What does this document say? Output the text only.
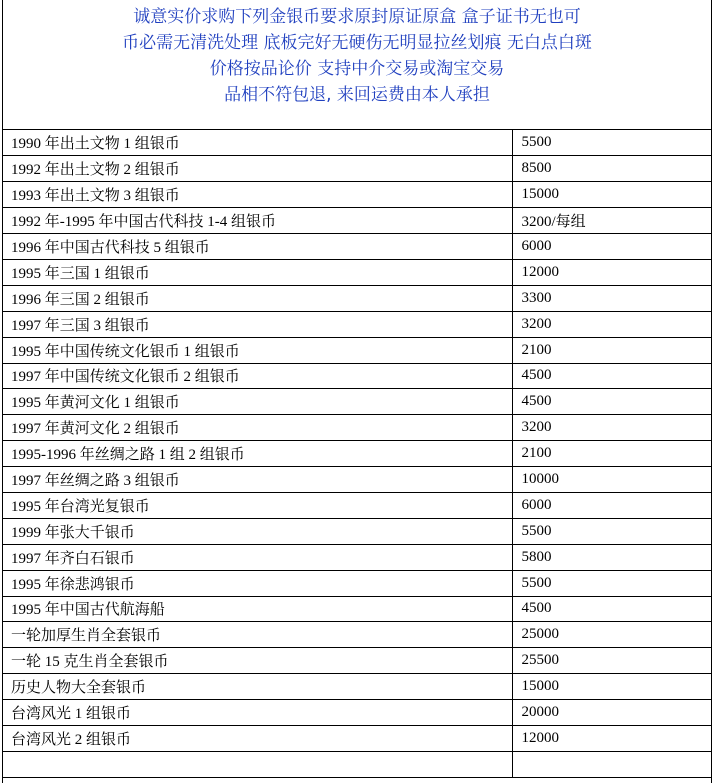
诚意实价求购下列金银币要求原封原证原盒 盒子证书无也可
币必需无清洗处理 底板完好无硬伤无明显拉丝划痕 无白点白斑
价格按品论价 支持中介交易或淘宝交易
品相不符包退, 来回运费由本人承担
1990 年出土文物 1 组银币	5500
1992 年出土文物 2 组银币	8500
1993 年出土文物 3 组银币	15000
1992 年-1995 年中国古代科技 1-4 组银币	3200/每组
1996 年中国古代科技 5 组银币	6000
1995 年三国 1 组银币	12000
1996 年三国 2 组银币	3300
1997 年三国 3 组银币	3200
1995 年中国传统文化银币 1 组银币	2100
1997 年中国传统文化银币 2 组银币	4500
1995 年黄河文化 1 组银币	4500
1997 年黄河文化 2 组银币	3200
1995-1996 年丝绸之路 1 组 2 组银币	2100
1997 年丝绸之路 3 组银币	10000
1995 年台湾光复银币	6000
1999 年张大千银币	5500
1997 年齐白石银币	5800
1995 年徐悲鸿银币	5500
1995 年中国古代航海船	4500
一轮加厚生肖全套银币	25000
一轮 15 克生肖全套银币	25500
历史人物大全套银币	15000
台湾风光 1 组银币	20000
台湾风光 2 组银币	12000
